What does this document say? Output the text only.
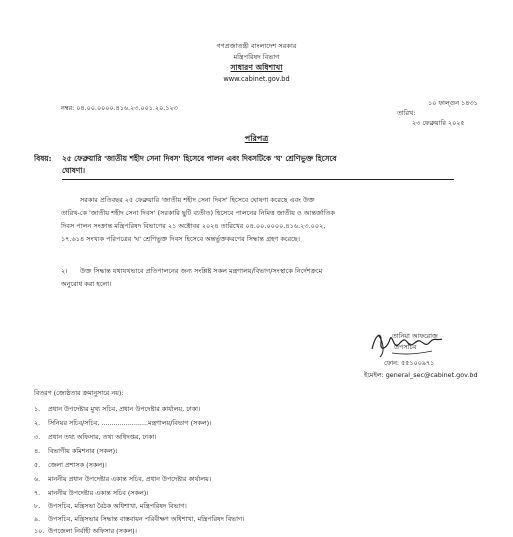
গণপ্রজাতন্ত্রী বাংলাদেশ সরকার
মন্ত্রিপরিষদ বিভাগ
সাধারণ অধিশাখা
www.cabinet.gov.bd
নম্বর: ০৪.০০.০০০০.৪১৬.২৩.০০১.২০.১২৩
১০ ফাল্গুন ১৪৩১
তারিখ:
২৩ ফেব্রুয়ারি ২০২৫
পরিপত্র
বিষয়: ২৫ ফেব্রুয়ারি 'জাতীয় শহীদ সেনা দিবস' হিসেবে পালন এবং দিবসটিকে 'ঘ' শ্রেণিভুক্ত হিসেবে
ঘোষণা।
সরকার প্রতিবছর ২৫ ফেব্রুয়ারি 'জাতীয় শহীদ সেনা দিবস' হিসেবে ঘোষণা করেছে এবং উক্ত
তারিখ-কে 'জাতীয় শহীদ সেনা দিবস' (সরকারি ছুটি ব্যতীত) হিসেবে পালনের নিমিত্ত জাতীয় ও আন্তর্জাতিক
দিবস পালন সংক্রান্ত মন্ত্রিপরিষদ বিভাগের ২১ অক্টোবর ২০২৪ তারিখের ০৪.০০.০০০০.৪১৬.২৩.০০২,
১৭.৬১৪ সংখ্যক পরিপত্রের 'ঘ' শ্রেণিভুক্ত দিবস হিসেবে অন্তর্ভুক্তকরণের সিদ্ধান্ত গ্রহণ করেছে।
২। উক্ত সিদ্ধান্ত যথাযথভাবে প্রতিপালনের জন্য সংশ্লিষ্ট সকল মন্ত্রণালয়/বিভাগ/সংস্থাকে নির্দেশক্রমে
অনুরোধ করা হলো।
তানিয়া আফরোজ
উপসচিব
ফোন: ৫৫১০০৯৭১
ইমেইল: general_sec@cabinet.gov.bd
বিতরণ (জ্যেষ্ঠতার ক্রমানুসারে নয়):
১. প্রধান উপদেষ্টার মুখ্য সচিব, প্রধান উপদেষ্টার কার্যালয়, ঢাকা।
২. সিনিয়র সচিব/সচিব, .......................মন্ত্রণালয়/বিভাগ (সকল)।
৩. প্রধান তথ্য অফিসার, তথ্য অধিদপ্তর, ঢাকা।
৪. বিভাগীয় কমিশনার (সকল)।
৫. জেলা প্রশাসক (সকল)।
৬. মাননীয় প্রধান উপদেষ্টার একান্ত সচিব, প্রধান উপদেষ্টার কার্যালয়।
৭. মাননীয় উপদেষ্টার একান্ত সচিব (সকল)।
৮. উপসচিব, মন্ত্রিসভা বৈঠক অধিশাখা, মন্ত্রিপরিষদ বিভাগ।
৯. উপসচিব, মন্ত্রিসভার সিদ্ধান্ত বাস্তবায়ন পরিবীক্ষণ অধিশাখা, মন্ত্রিপরিষদ বিভাগ।
১০. উপজেলা নির্বাহী অফিসার (সকল)।
